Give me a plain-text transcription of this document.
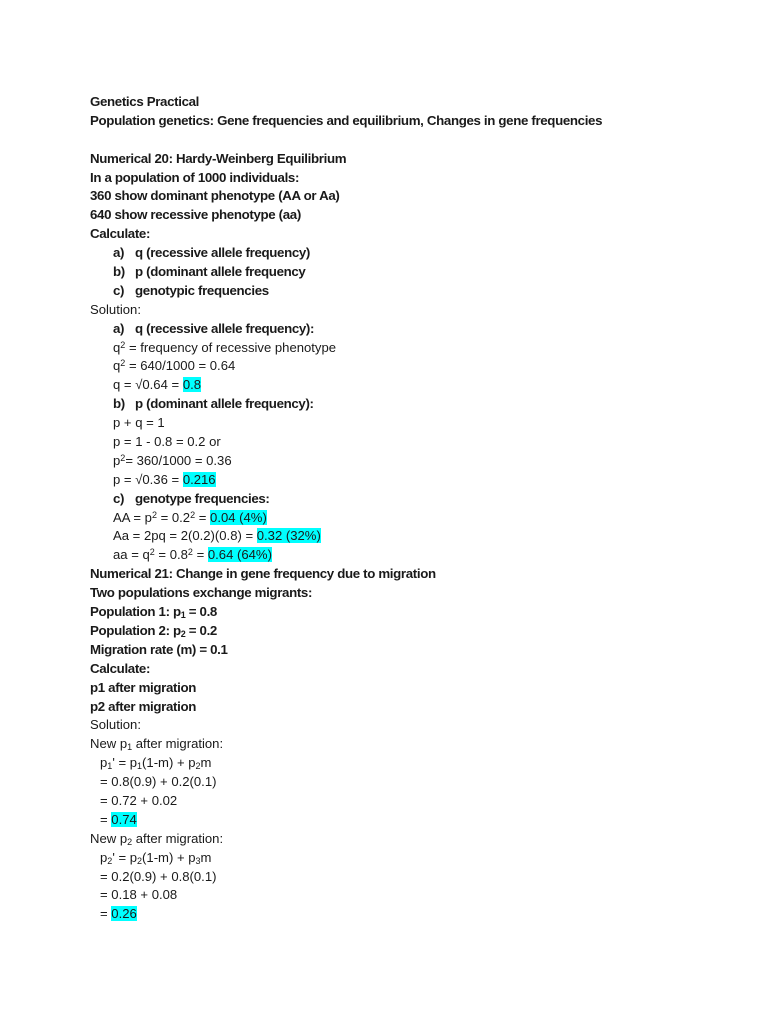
Genetics Practical
Population genetics: Gene frequencies and equilibrium, Changes in gene frequencies
Numerical 20: Hardy-Weinberg Equilibrium
In a population of 1000 individuals:
360 show dominant phenotype (AA or Aa)
640 show recessive phenotype (aa)
Calculate:
a) q (recessive allele frequency)
b) p (dominant allele frequency
c) genotypic frequencies
Solution:
a) q (recessive allele frequency):
$q^2$ = frequency of recessive phenotype
$q^2 = 640/1000 = 0.64$
q = √0.64 = 0.8
b) p (dominant allele frequency):
p + q = 1
p = 1 - 0.8 = 0.2 or
$p^2= 360/1000 = 0.36$
p = √0.36 = 0.216
c) genotype frequencies:
AA = $p^2 = 0.2^2 = 0.04$ (4%)
Aa = 2pq = 2(0.2)(0.8) = 0.32 (32%)
aa = $q^2 = 0.8^2 = 0.64$ (64%)
Numerical 21: Change in gene frequency due to migration
Two populations exchange migrants:
Population 1: $p_1 = 0.8$
Population 2: $p_2 = 0.2$
Migration rate (m) = 0.1
Calculate:
p1 after migration
p2 after migration
Solution:
New $p_1$ after migration:
$p_1' = p_1(1-m) + p_2m$
= 0.8(0.9) + 0.2(0.1)
= 0.72 + 0.02
= 0.74
New $p_2$ after migration:
$p_2' = p_2(1-m) + p_3m$
= 0.2(0.9) + 0.8(0.1)
= 0.18 + 0.08
= 0.26
